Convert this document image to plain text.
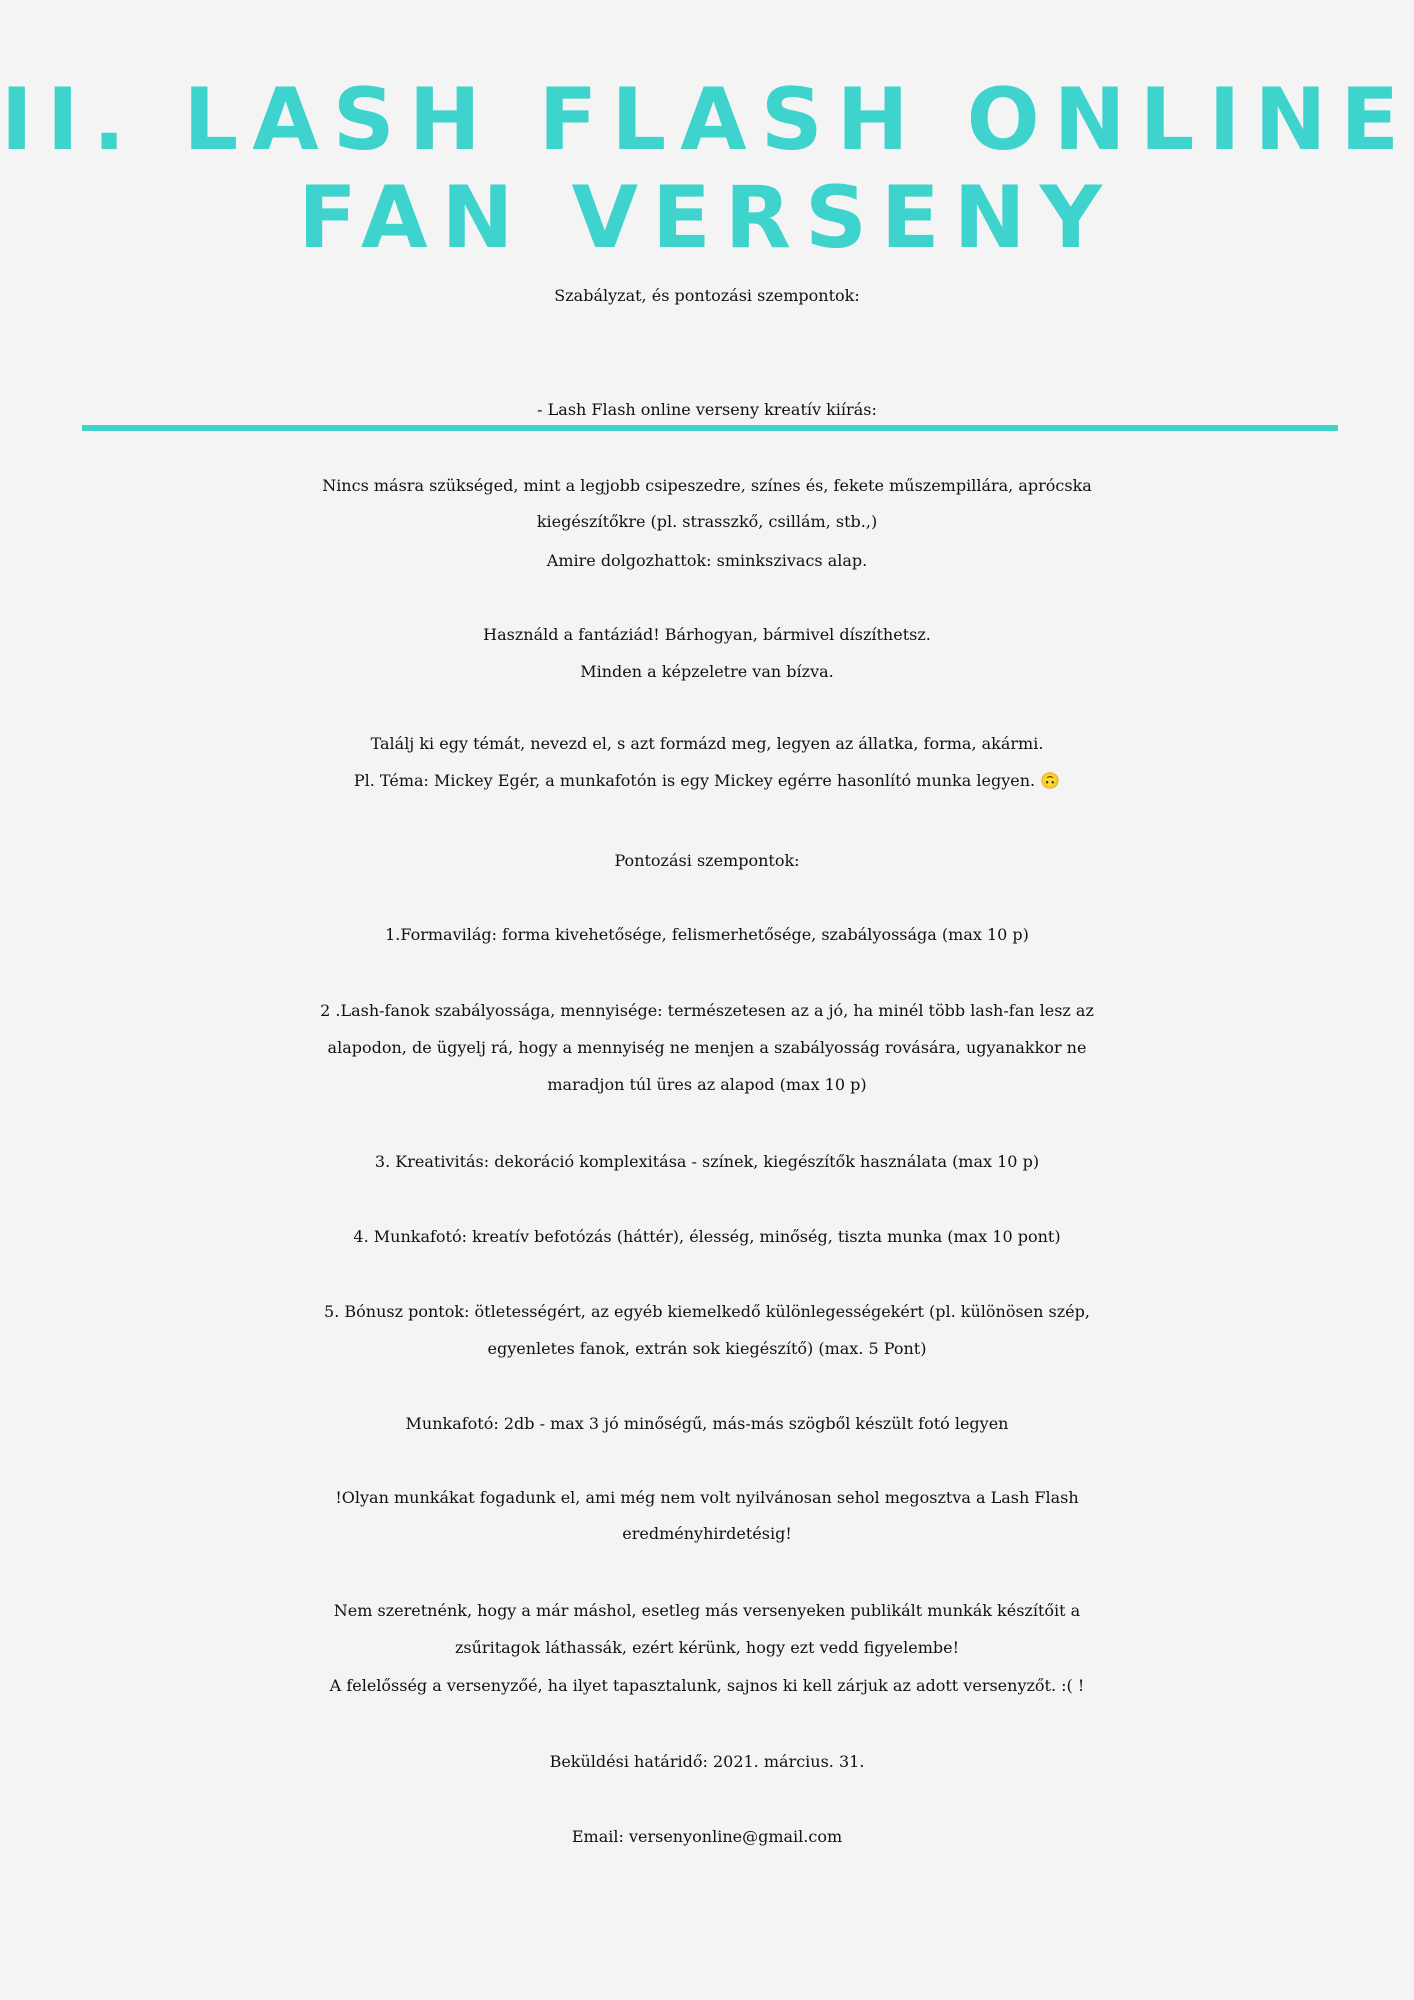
II. LASH FLASH ONLINE
FAN VERSENY
Szabályzat, és pontozási szempontok:
- Lash Flash online verseny kreatív kiírás:
Nincs másra szükséged, mint a legjobb csipeszedre, színes és, fekete műszempillára, aprócska
kiegészítőkre (pl. strasszkő, csillám, stb.,)
Amire dolgozhattok: sminkszivacs alap.
Használd a fantáziád! Bárhogyan, bármivel díszíthetsz.
Minden a képzeletre van bízva.
Találj ki egy témát, nevezd el, s azt formázd meg, legyen az állatka, forma, akármi.
Pl. Téma: Mickey Egér, a munkafotón is egy Mickey egérre hasonlító munka legyen. 🙃
Pontozási szempontok:
1.Formavilág: forma kivehetősége, felismerhetősége, szabályossága (max 10 p)
2 .Lash-fanok szabályossága, mennyisége: természetesen az a jó, ha minél több lash-fan lesz az
alapodon, de ügyelj rá, hogy a mennyiség ne menjen a szabályosság rovására, ugyanakkor ne
maradjon túl üres az alapod (max 10 p)
3. Kreativitás: dekoráció komplexitása - színek, kiegészítők használata (max 10 p)
4. Munkafotó: kreatív befotózás (háttér), élesség, minőség, tiszta munka (max 10 pont)
5. Bónusz pontok: ötletességért, az egyéb kiemelkedő különlegességekért (pl. különösen szép,
egyenletes fanok, extrán sok kiegészítő) (max. 5 Pont)
Munkafotó: 2db - max 3 jó minőségű, más-más szögből készült fotó legyen
!Olyan munkákat fogadunk el, ami még nem volt nyilvánosan sehol megosztva a Lash Flash
eredményhirdetésig!
Nem szeretnénk, hogy a már máshol, esetleg más versenyeken publikált munkák készítőit a
zsűritagok láthassák, ezért kérünk, hogy ezt vedd figyelembe!
A felelősség a versenyzőé, ha ilyet tapasztalunk, sajnos ki kell zárjuk az adott versenyzőt. :( !
Beküldési határidő: 2021. március. 31.
Email: versenyonline@gmail.com
